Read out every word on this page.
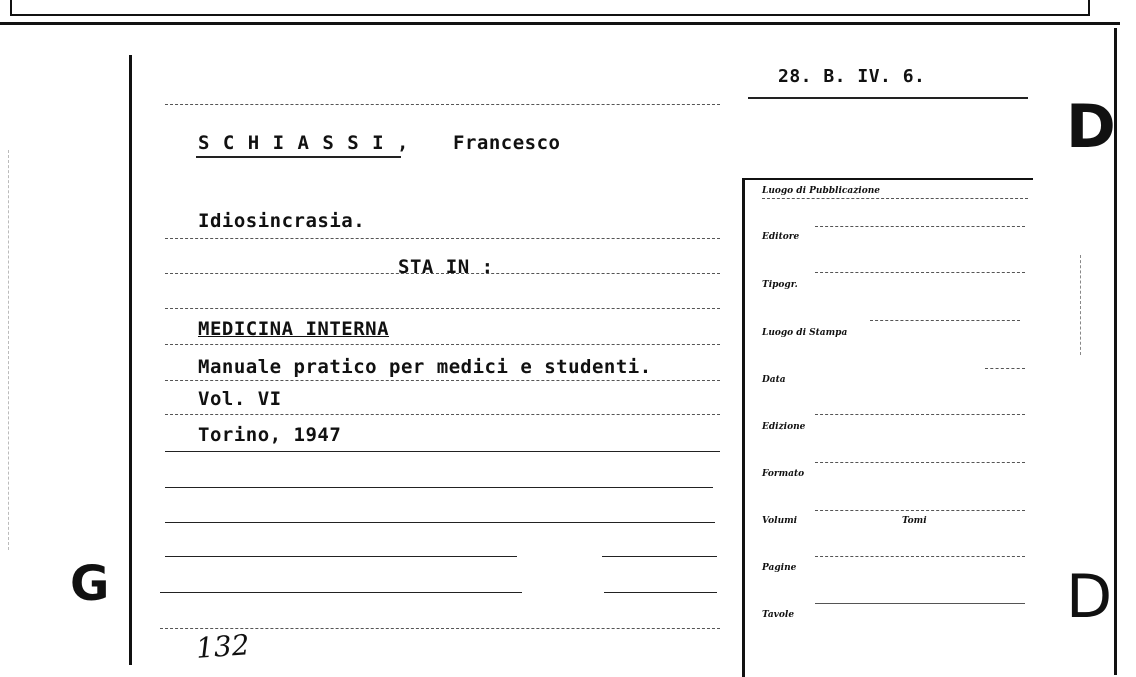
28. B. IV. 6.
D
S C H I A S S I , Francesco
Idiosincrasia.
STA IN :
MEDICINA INTERNA
Manuale pratico per medici e studenti.
Vol. VI
Torino, 1947
132
G	D
Luogo di Pubblicazione
Editore
Tipogr.
Luogo di Stampa
Data
Edizione
Formato
Volumi	Tomi
Pagine
Tavole
